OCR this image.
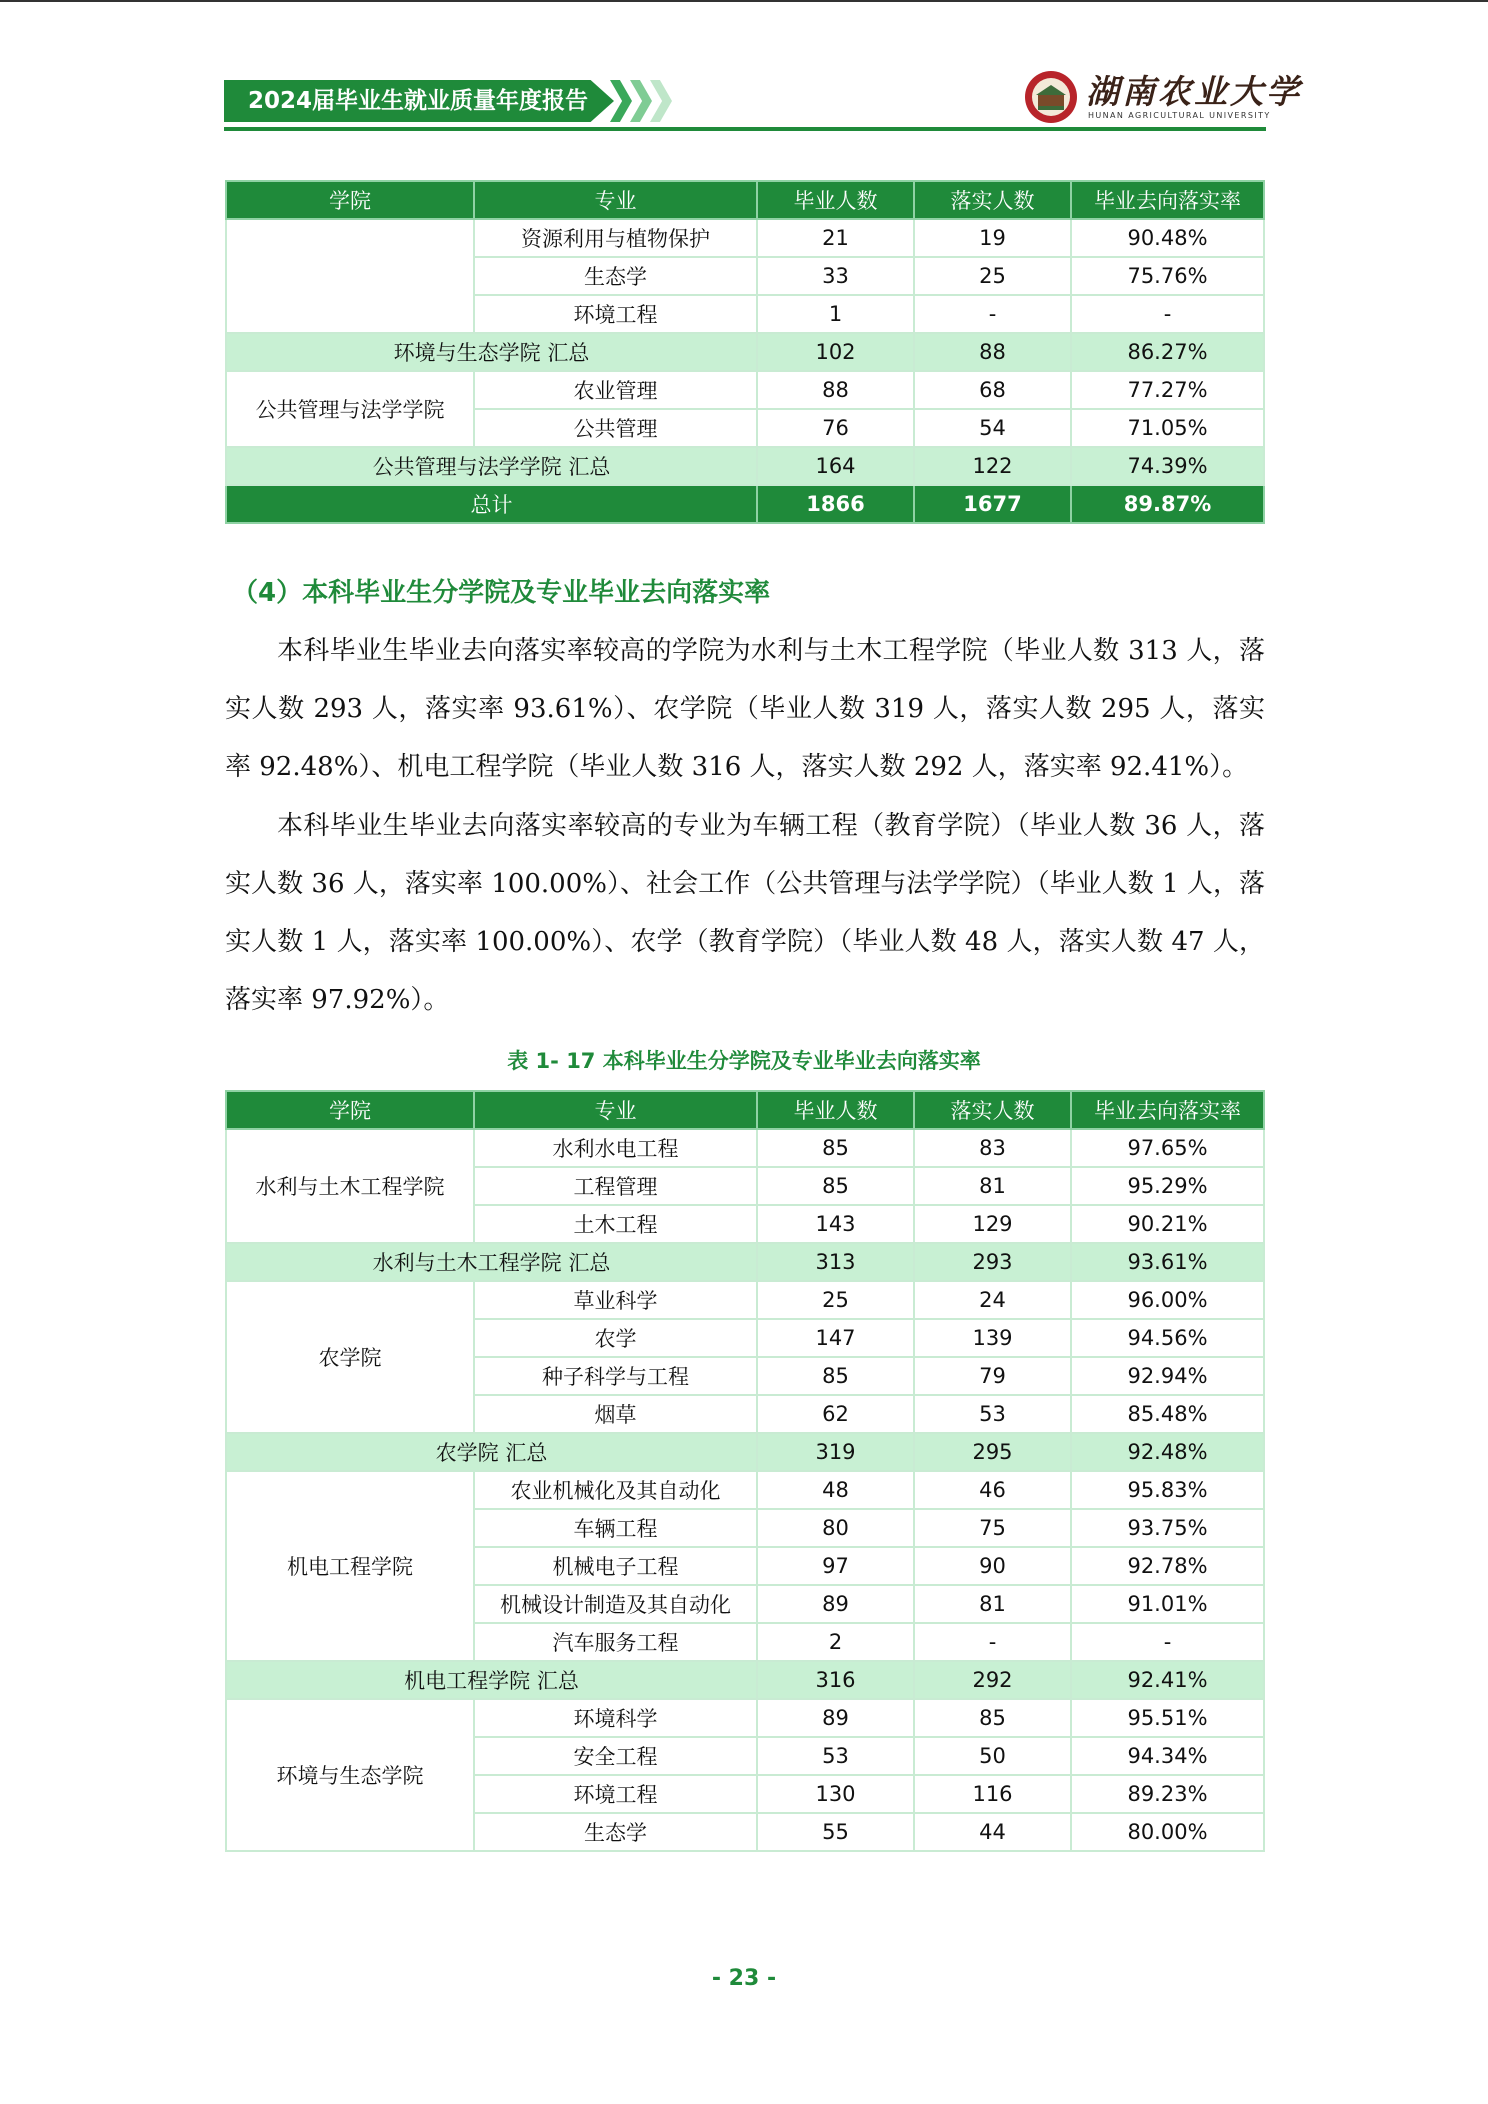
2024届毕业生就业质量年度报告	湖南农业大学
HUNAN AGRICULTURAL UNIVERSITY
学院	专业	毕业人数	落实人数	毕业去向落实率
	资源利用与植物保护	21	19	90.48%
	生态学	33	25	75.76%
	环境工程	1	-	-
环境与生态学院 汇总		102	88	86.27%
公共管理与法学学院	农业管理	88	68	77.27%
	公共管理	76	54	71.05%
公共管理与法学学院 汇总		164	122	74.39%
总计		1866	1677	89.87%
（4）本科毕业生分学院及专业毕业去向落实率
本科毕业生毕业去向落实率较高的学院为水利与土木工程学院（毕业人数 313 人，落实人数 293 人，落实率 93.61%）、农学院（毕业人数 319 人，落实人数 295 人，落实率 92.48%）、机电工程学院（毕业人数 316 人，落实人数 292 人，落实率 92.41%）。
本科毕业生毕业去向落实率较高的专业为车辆工程（教育学院）（毕业人数 36 人，落实人数 36 人，落实率 100.00%）、社会工作（公共管理与法学学院）（毕业人数 1 人，落实人数 1 人，落实率 100.00%）、农学（教育学院）（毕业人数 48 人，落实人数 47 人，落实率 97.92%）。
表 1- 17 本科毕业生分学院及专业毕业去向落实率
学院	专业	毕业人数	落实人数	毕业去向落实率
水利与土木工程学院	水利水电工程	85	83	97.65%
	工程管理	85	81	95.29%
	土木工程	143	129	90.21%
水利与土木工程学院 汇总		313	293	93.61%
农学院	草业科学	25	24	96.00%
	农学	147	139	94.56%
	种子科学与工程	85	79	92.94%
	烟草	62	53	85.48%
农学院 汇总		319	295	92.48%
机电工程学院	农业机械化及其自动化	48	46	95.83%
	车辆工程	80	75	93.75%
	机械电子工程	97	90	92.78%
	机械设计制造及其自动化	89	81	91.01%
	汽车服务工程	2	-	-
机电工程学院 汇总		316	292	92.41%
环境与生态学院	环境科学	89	85	95.51%
	安全工程	53	50	94.34%
	环境工程	130	116	89.23%
	生态学	55	44	80.00%
- 23 -
